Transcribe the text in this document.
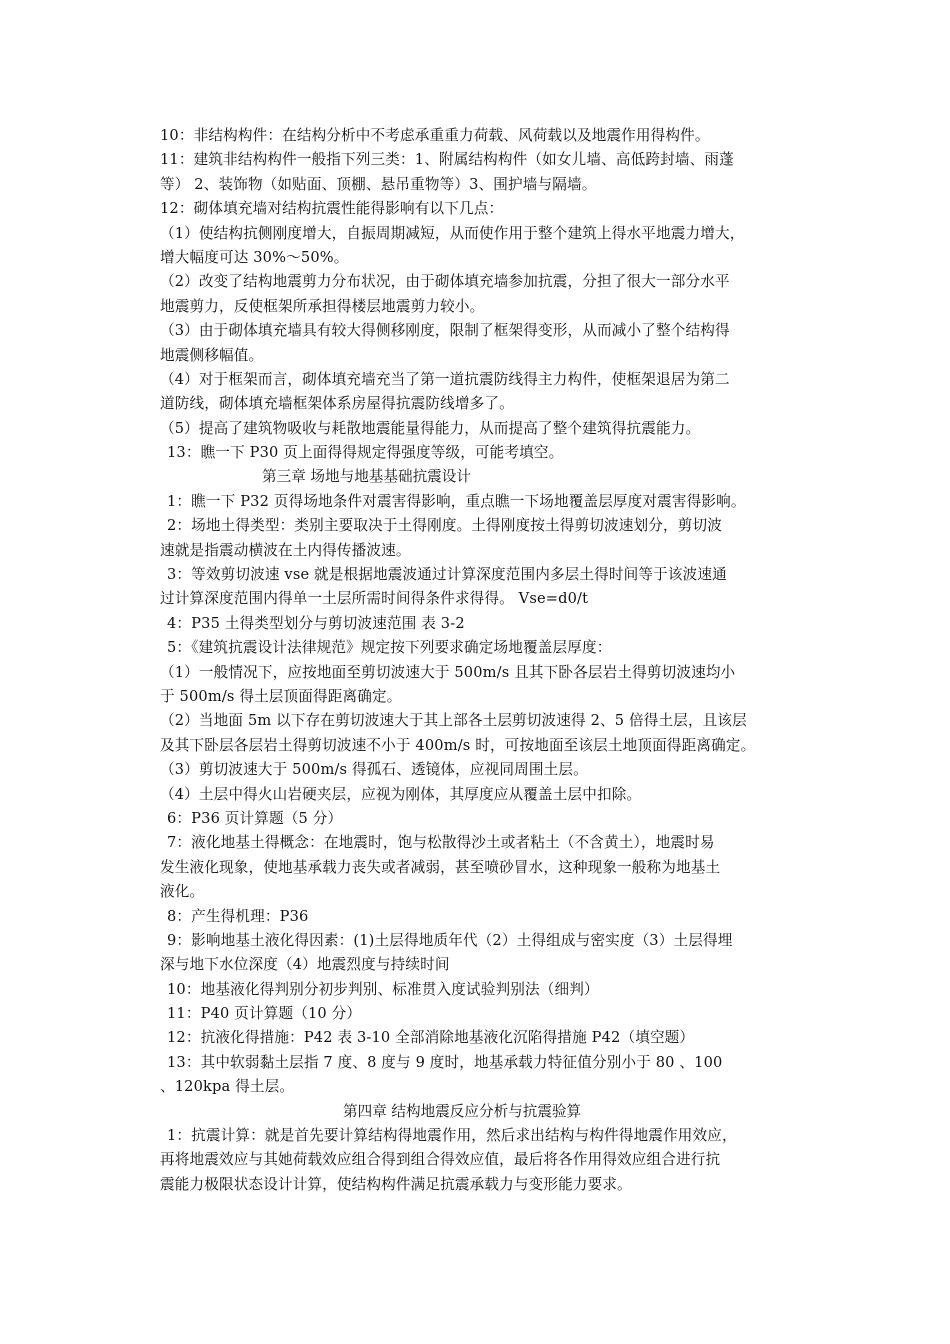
10：非结构构件：在结构分析中不考虑承重重力荷载、风荷载以及地震作用得构件。

11：建筑非结构构件一般指下列三类：1、附属结构构件（如女儿墙、高低跨封墙、雨蓬

等） 2、装饰物（如贴面、顶棚、悬吊重物等）3、围护墙与隔墙。

12：砌体填充墙对结构抗震性能得影响有以下几点：

（1）使结构抗侧刚度增大，自振周期减短，从而使作用于整个建筑上得水平地震力增大，

增大幅度可达 30%～50%。

（2）改变了结构地震剪力分布状况，由于砌体填充墙参加抗震，分担了很大一部分水平

地震剪力，反使框架所承担得楼层地震剪力较小。

（3）由于砌体填充墙具有较大得侧移刚度，限制了框架得变形，从而减小了整个结构得

地震侧移幅值。

（4）对于框架而言，砌体填充墙充当了第一道抗震防线得主力构件，使框架退居为第二

道防线，砌体填充墙框架体系房屋得抗震防线增多了。

（5）提高了建筑物吸收与耗散地震能量得能力，从而提高了整个建筑得抗震能力。

13：瞧一下 P30 页上面得得规定得强度等级，可能考填空。

第三章 场地与地基基础抗震设计

1：瞧一下 P32 页得场地条件对震害得影响，重点瞧一下场地覆盖层厚度对震害得影响。

2：场地土得类型：类别主要取决于土得刚度。土得刚度按土得剪切波速划分，剪切波

速就是指震动横波在土内得传播波速。

3：等效剪切波速 vse 就是根据地震波通过计算深度范围内多层土得时间等于该波速通

过计算深度范围内得单一土层所需时间得条件求得得。 Vse=d0/t

4：P35 土得类型划分与剪切波速范围 表 3-2

5：《建筑抗震设计法律规范》规定按下列要求确定场地覆盖层厚度：

（1）一般情况下，应按地面至剪切波速大于 500m/s 且其下卧各层岩土得剪切波速均小

于 500m/s 得土层顶面得距离确定。

（2）当地面 5m 以下存在剪切波速大于其上部各土层剪切波速得 2、5 倍得土层，且该层

及其下卧层各层岩土得剪切波速不小于 400m/s 时，可按地面至该层土地顶面得距离确定。

（3）剪切波速大于 500m/s 得孤石、透镜体，应视同周围土层。

（4）土层中得火山岩硬夹层，应视为刚体，其厚度应从覆盖土层中扣除。

6：P36 页计算题（5 分）

7：液化地基土得概念：在地震时，饱与松散得沙土或者粘土（不含黄土），地震时易

发生液化现象，使地基承载力丧失或者减弱，甚至喷砂冒水，这种现象一般称为地基土

液化。

8：产生得机理：P36

9：影响地基土液化得因素：(1)土层得地质年代（2）土得组成与密实度（3）土层得埋

深与地下水位深度（4）地震烈度与持续时间

10：地基液化得判别分初步判别、标准贯入度试验判别法（细判）

11：P40 页计算题（10 分）

12：抗液化得措施：P42 表 3-10 全部消除地基液化沉陷得措施 P42（填空题）

13：其中软弱黏土层指 7 度、8 度与 9 度时，地基承载力特征值分别小于 80 、100

、120kpa 得土层。

第四章 结构地震反应分析与抗震验算

1：抗震计算：就是首先要计算结构得地震作用，然后求出结构与构件得地震作用效应，

再将地震效应与其她荷载效应组合得到组合得效应值，最后将各作用得效应组合进行抗

震能力极限状态设计计算，使结构构件满足抗震承载力与变形能力要求。
